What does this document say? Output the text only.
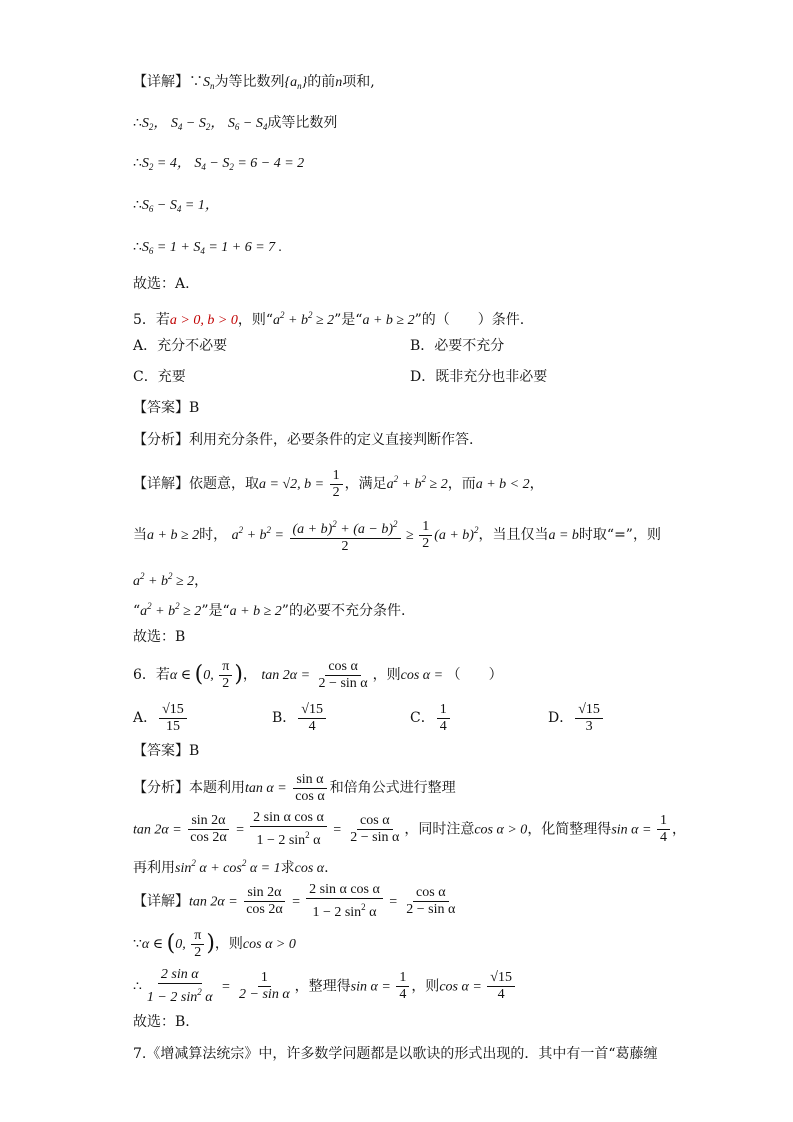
【详解】$\because S_n$为等比数列$\{a_n\}$的前n项和,
$\therefore S_2$， $S_4 - S_2$， $S_6 - S_4$成等比数列
$\therefore S_2 = 4$， $S_4 - S_2 = 6 - 4 = 2$
$\therefore S_6 - S_4 = 1$，
$\therefore S_6 = 1 + S_4 = 1 + 6 = 7$ .
故选：A.
5．若a > 0, b > 0，则“$a^2 + b^2 \ge 2$”是“a + b ≥ 2”的（　　）条件.
A．充分不必要	B．必要不充分
C．充要	D．既非充分也非必要
【答案】B
【分析】利用充分条件，必要条件的定义直接判断作答.
【详解】依题意，取a = √2, $b = \frac{1}{2}$ ，满足$a^2 + b^2 \ge 2$，而a + b < 2，
当a + b ≥ 2时， $a^2 + b^2 = \frac{(a + b)^2 + (a - b)^2}{2} \ge \frac{1}{2} (a + b)^2$，当且仅当a = b时取“=”，则
$a^2 + b^2 \ge 2$，
“$a^2 + b^2 \ge 2$”是“a + b ≥ 2”的必要不充分条件.
故选：B
6．若α ∈ (0, $\frac{\pi}{2}$ )， $\tan 2\alpha = \frac{\text{cos α}}{\text{2 − sin α}}$ ，则cos α = （　　）
A． $\frac{√15}{15}$	B． $\frac{√15}{4}$	C． $\frac{1}{4}$	D． $\frac{√15}{3}$
【答案】B
【分析】本题利用$\tan \alpha = \frac{\text{sin α}}{\text{cos α}}$ 和倍角公式进行整理
$\tan 2\alpha = \frac{\sin 2\alpha}{\cos 2\alpha} = \frac{\text{2 sin α cos α}}{1 - 2 \sin^2 \alpha} = \frac{\text{cos α}}{\text{2 − sin α}}$ ，同时注意cos α > 0，化简整理得$\sin \alpha = \frac{1}{4}$ ，
再利用$\sin^2 \alpha + \cos^2 \alpha = 1$求cos α.
【详解】$\tan 2\alpha = \frac{\sin 2\alpha}{\cos 2\alpha} = \frac{\text{2 sin α cos α}}{1 - 2 \sin^2 \alpha} = \frac{\text{cos α}}{\text{2 − sin α}}$
∵α ∈ (0, $\frac{\pi}{2}$ )，则cos α > 0
∴ $\frac{\text{2 sin α}}{1 - 2 \sin^2 \alpha} = \frac{1}{\text{2 − sin α}}$ ，整理得$\sin \alpha = \frac{1}{4}$ ，则$\cos \alpha = \frac{√15}{4}$
故选：B.
7.《增减算法统宗》中，许多数学问题都是以歌诀的形式出现的．其中有一首“葛藤缠
